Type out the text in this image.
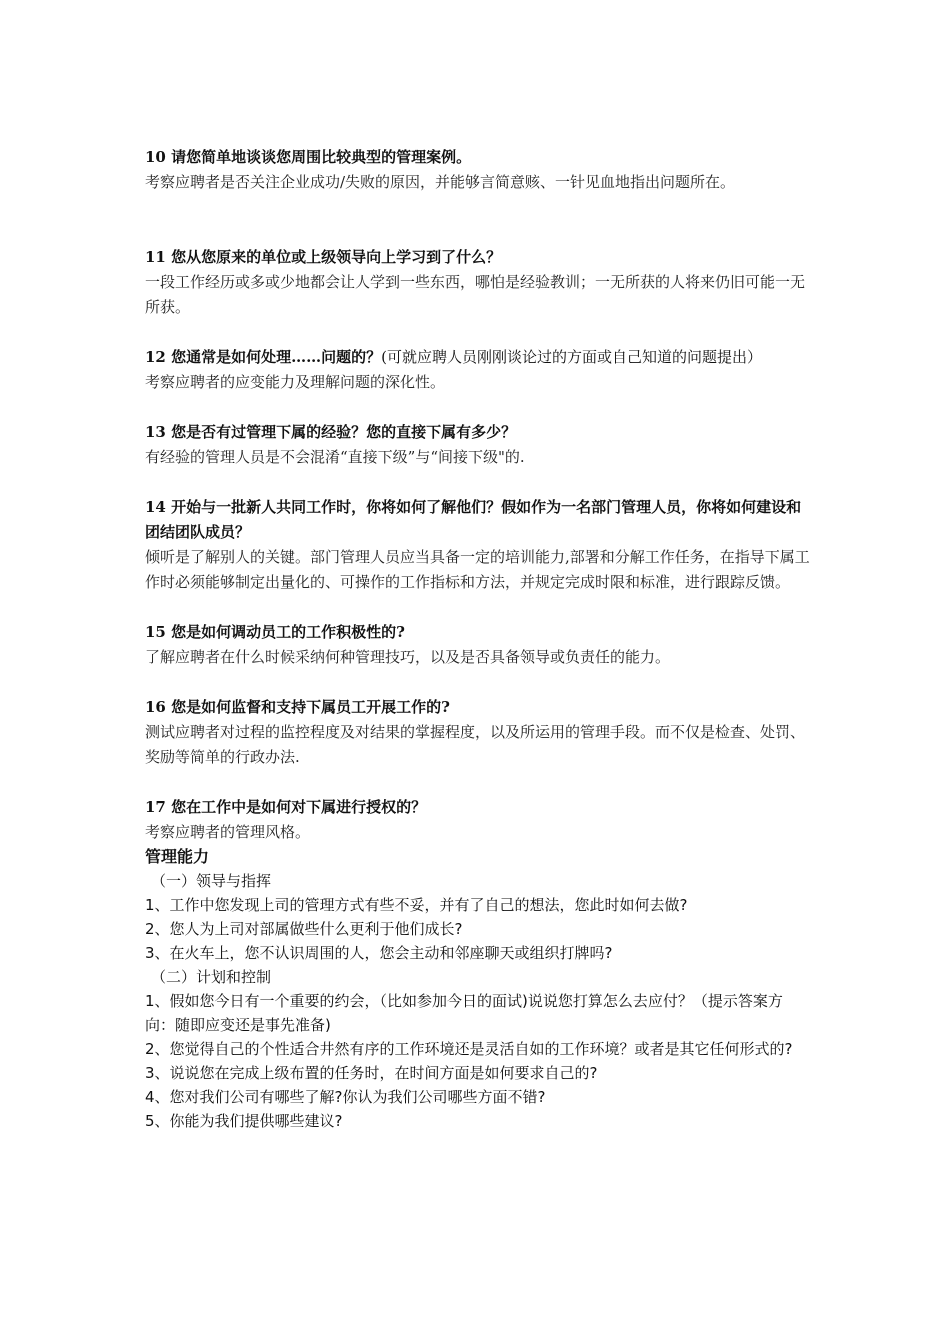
10 请您简单地谈谈您周围比较典型的管理案例。

考察应聘者是否关注企业成功/失败的原因，并能够言简意赅、一针见血地指出问题所在。

11 您从您原来的单位或上级领导向上学习到了什么？

一段工作经历或多或少地都会让人学到一些东西，哪怕是经验教训；一无所获的人将来仍旧可能一无所获。

12 您通常是如何处理……问题的？(可就应聘人员刚刚谈论过的方面或自己知道的问题提出）

考察应聘者的应变能力及理解问题的深化性。

13 您是否有过管理下属的经验？您的直接下属有多少？

有经验的管理人员是不会混淆“直接下级”与“间接下级"的.

14 开始与一批新人共同工作时，你将如何了解他们？假如作为一名部门管理人员，你将如何建设和团结团队成员？

倾听是了解别人的关键。部门管理人员应当具备一定的培训能力,部署和分解工作任务，在指导下属工作时必须能够制定出量化的、可操作的工作指标和方法，并规定完成时限和标准，进行跟踪反馈。

15 您是如何调动员工的工作积极性的?

了解应聘者在什么时候采纳何种管理技巧，以及是否具备领导或负责任的能力。

16 您是如何监督和支持下属员工开展工作的?

测试应聘者对过程的监控程度及对结果的掌握程度，以及所运用的管理手段。而不仅是检查、处罚、奖励等简单的行政办法.

17 您在工作中是如何对下属进行授权的？

考察应聘者的管理风格。

管理能力

（一）领导与指挥

1、工作中您发现上司的管理方式有些不妥，并有了自己的想法，您此时如何去做?

2、您人为上司对部属做些什么更利于他们成长?

3、在火车上，您不认识周围的人，您会主动和邻座聊天或组织打牌吗?

（二）计划和控制

1、假如您今日有一个重要的约会，（比如参加今日的面试)说说您打算怎么去应付？（提示答案方向：随即应变还是事先准备)

2、您觉得自己的个性适合井然有序的工作环境还是灵活自如的工作环境？或者是其它任何形式的?

3、说说您在完成上级布置的任务时，在时间方面是如何要求自己的?

4、您对我们公司有哪些了解?你认为我们公司哪些方面不错?

5、你能为我们提供哪些建议?
